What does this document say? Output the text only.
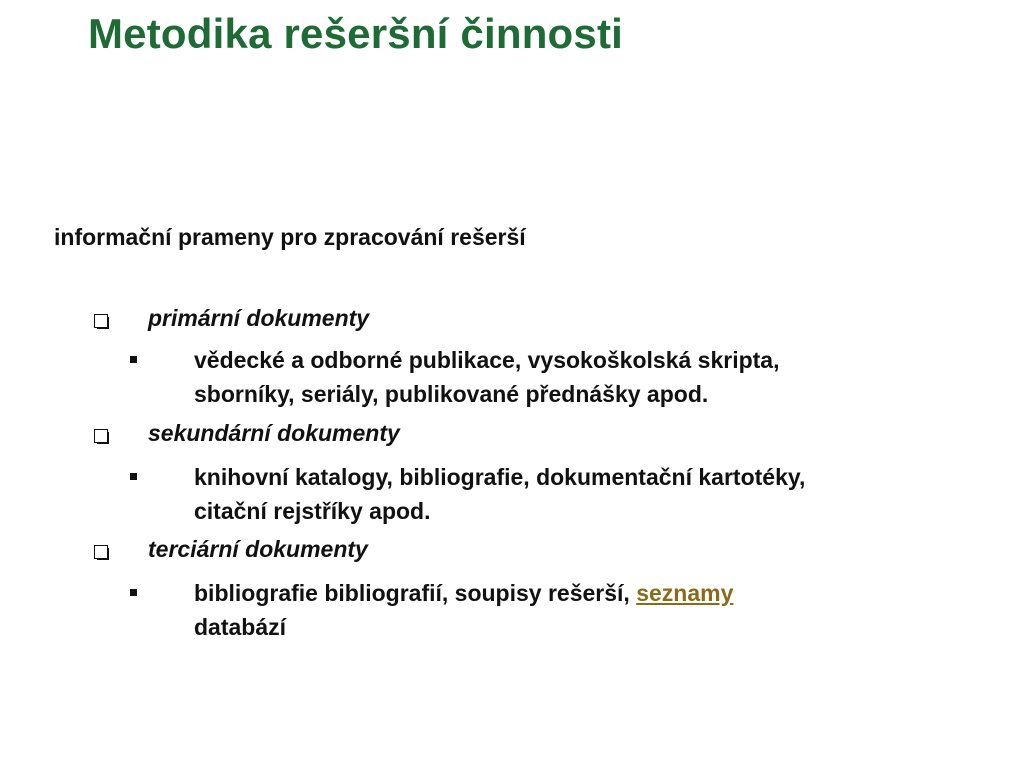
Metodika rešeršní činnosti
informační prameny pro zpracování rešerší
primární dokumenty
vědecké a odborné publikace, vysokoškolská skripta,
sborníky, seriály, publikované přednášky apod.
sekundární dokumenty
knihovní katalogy, bibliografie, dokumentační kartotéky,
citační rejstříky apod.
terciární dokumenty
bibliografie bibliografií, soupisy rešerší, seznamy
databází
